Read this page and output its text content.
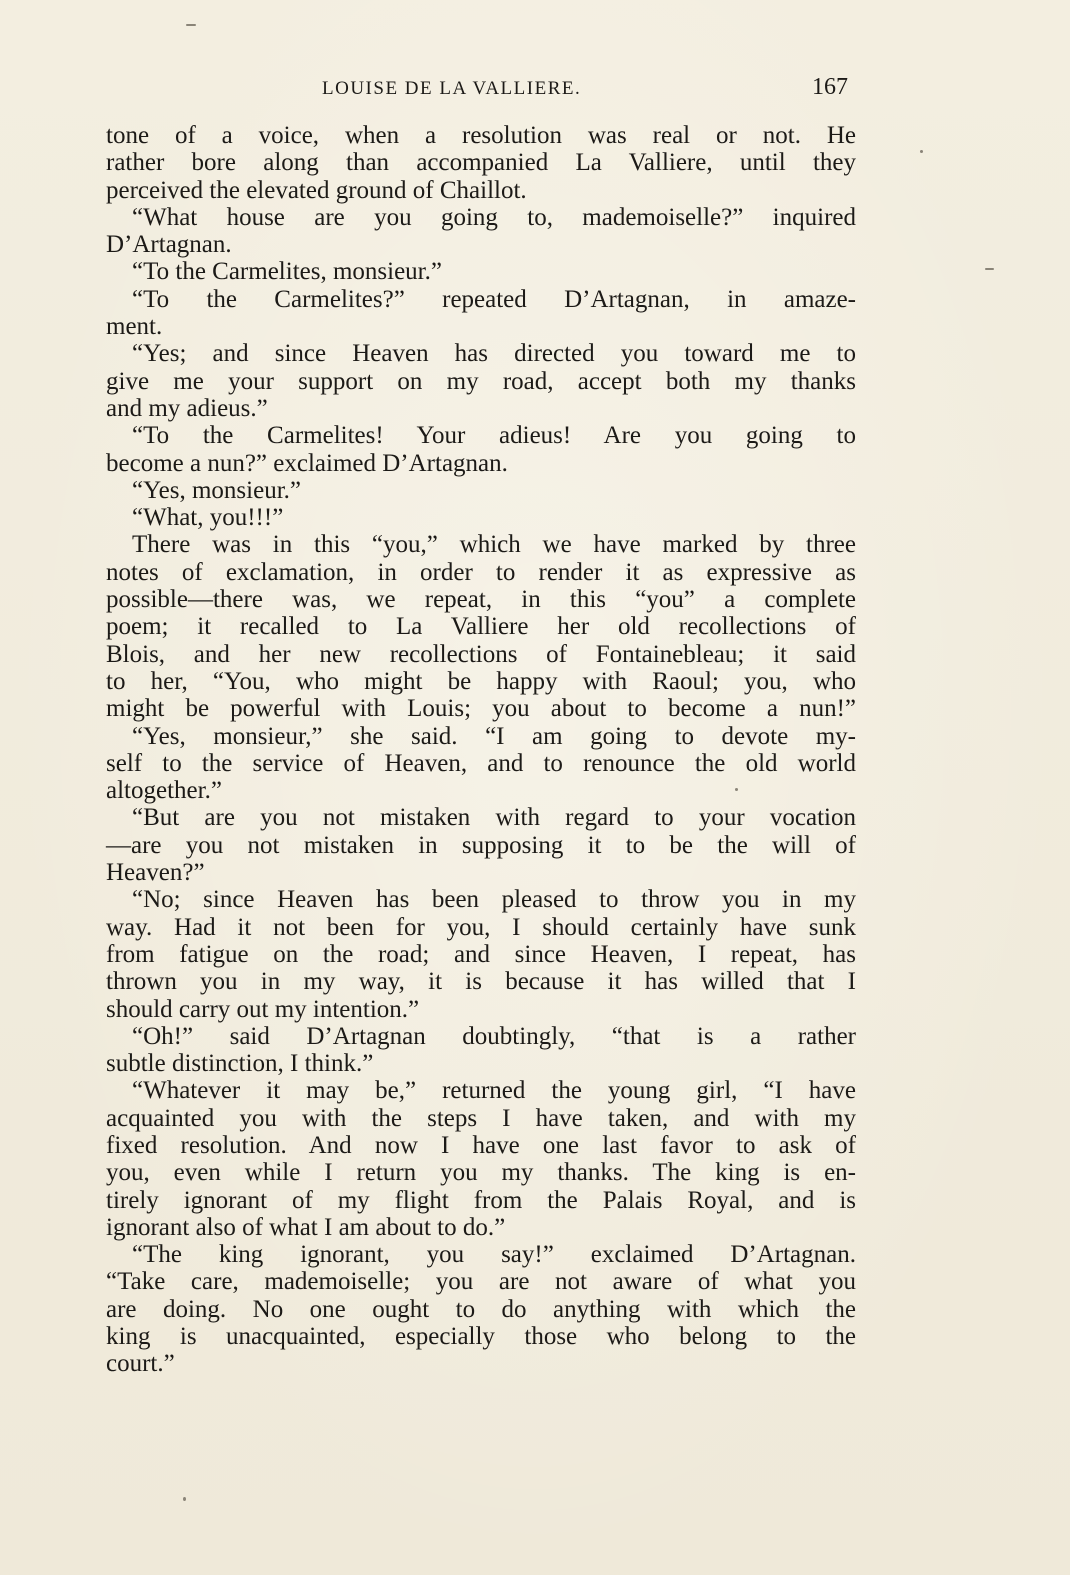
LOUISE DE LA VALLIERE.	167
tone of a voice, when a resolution was real or not. He
rather bore along than accompanied La Valliere, until they
perceived the elevated ground of Chaillot.
“What house are you going to, mademoiselle?” inquired
D’Artagnan.
“To the Carmelites, monsieur.”
“To the Carmelites?” repeated D’Artagnan, in amaze-
ment.
“Yes; and since Heaven has directed you toward me to
give me your support on my road, accept both my thanks
and my adieus.”
“To the Carmelites! Your adieus! Are you going to
become a nun?” exclaimed D’Artagnan.
“Yes, monsieur.”
“What, you!!!”
There was in this “you,” which we have marked by three
notes of exclamation, in order to render it as expressive as
possible—there was, we repeat, in this “you” a complete
poem; it recalled to La Valliere her old recollections of
Blois, and her new recollections of Fontainebleau; it said
to her, “You, who might be happy with Raoul; you, who
might be powerful with Louis; you about to become a nun!”
“Yes, monsieur,” she said. “I am going to devote my-
self to the service of Heaven, and to renounce the old world
altogether.”
“But are you not mistaken with regard to your vocation
—are you not mistaken in supposing it to be the will of
Heaven?”
“No; since Heaven has been pleased to throw you in my
way. Had it not been for you, I should certainly have sunk
from fatigue on the road; and since Heaven, I repeat, has
thrown you in my way, it is because it has willed that I
should carry out my intention.”
“Oh!” said D’Artagnan doubtingly, “that is a rather
subtle distinction, I think.”
“Whatever it may be,” returned the young girl, “I have
acquainted you with the steps I have taken, and with my
fixed resolution. And now I have one last favor to ask of
you, even while I return you my thanks. The king is en-
tirely ignorant of my flight from the Palais Royal, and is
ignorant also of what I am about to do.”
“The king ignorant, you say!” exclaimed D’Artagnan.
“Take care, mademoiselle; you are not aware of what you
are doing. No one ought to do anything with which the
king is unacquainted, especially those who belong to the
court.”
